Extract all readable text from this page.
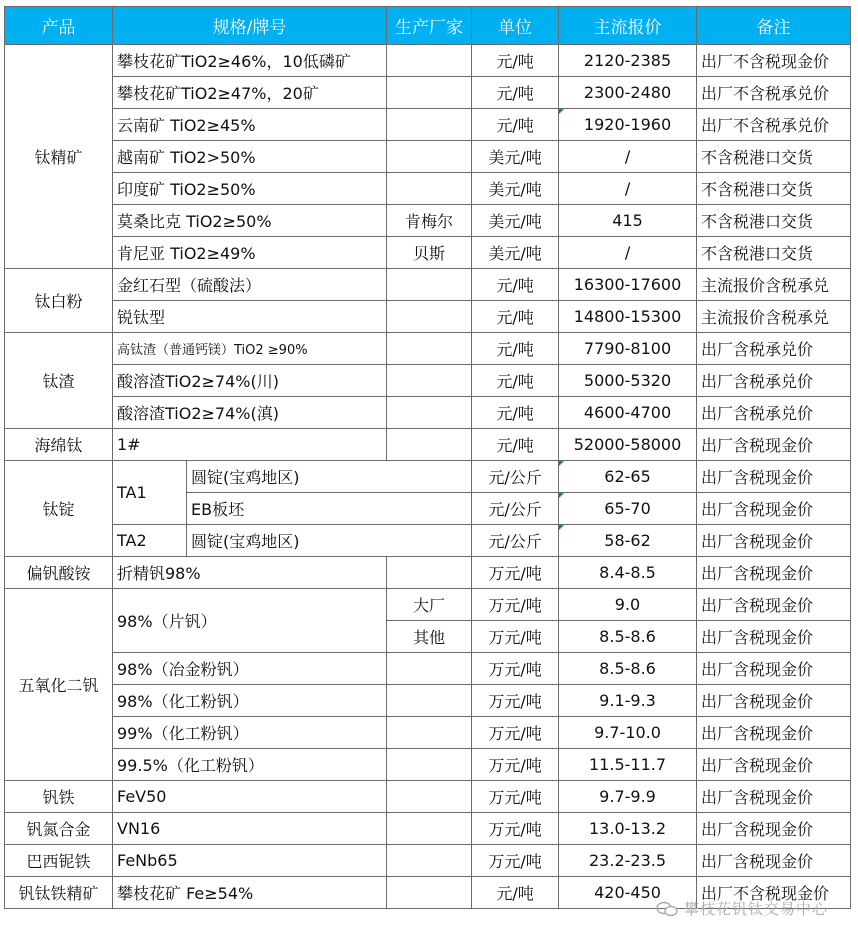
产品	规格/牌号		生产厂家	单位	主流报价	备注
钛精矿	攀枝花矿TiO2≥46%，10低磷矿			元/吨	2120-2385	出厂不含税现金价
	攀枝花矿TiO2≥47%，20矿			元/吨	2300-2480	出厂不含税承兑价
	云南矿 TiO2≥45%			元/吨	1920-1960	出厂不含税承兑价
	越南矿 TiO2>50%			美元/吨	/	不含税港口交货
	印度矿 TiO2≥50%			美元/吨	/	不含税港口交货
	莫桑比克 TiO2≥50%		肯梅尔	美元/吨	415	不含税港口交货
	肯尼亚 TiO2≥49%		贝斯	美元/吨	/	不含税港口交货
钛白粉	金红石型（硫酸法）			元/吨	16300-17600	主流报价含税承兑
	锐钛型			元/吨	14800-15300	主流报价含税承兑
钛渣	高钛渣（普通钙镁）TiO2 ≥90%			元/吨	7790-8100	出厂含税承兑价
	酸溶渣TiO2≥74%(川)			元/吨	5000-5320	出厂含税承兑价
	酸溶渣TiO2≥74%(滇)			元/吨	4600-4700	出厂含税承兑价
海绵钛	1#			元/吨	52000-58000	出厂含税现金价
钛锭	TA1	圆锭(宝鸡地区)		元/公斤	62-65	出厂含税现金价
		EB板坯		元/公斤	65-70	出厂含税现金价
	TA2	圆锭(宝鸡地区)		元/公斤	58-62	出厂含税现金价
偏钒酸铵	折精钒98%			万元/吨	8.4-8.5	出厂含税现金价
五氧化二钒	98%（片钒）		大厂	万元/吨	9.0	出厂含税现金价
			其他	万元/吨	8.5-8.6	出厂含税现金价
	98%（冶金粉钒）			万元/吨	8.5-8.6	出厂含税现金价
	98%（化工粉钒）			万元/吨	9.1-9.3	出厂含税现金价
	99%（化工粉钒）			万元/吨	9.7-10.0	出厂含税现金价
	99.5%（化工粉钒）			万元/吨	11.5-11.7	出厂含税现金价
钒铁	FeV50			万元/吨	9.7-9.9	出厂含税现金价
钒氮合金	VN16			万元/吨	13.0-13.2	出厂含税现金价
巴西铌铁	FeNb65			万元/吨	23.2-23.5	出厂含税现金价
钒钛铁精矿	攀枝花矿 Fe≥54%			元/吨	420-450	出厂不含税现金价
攀枝花钒钛交易中心
